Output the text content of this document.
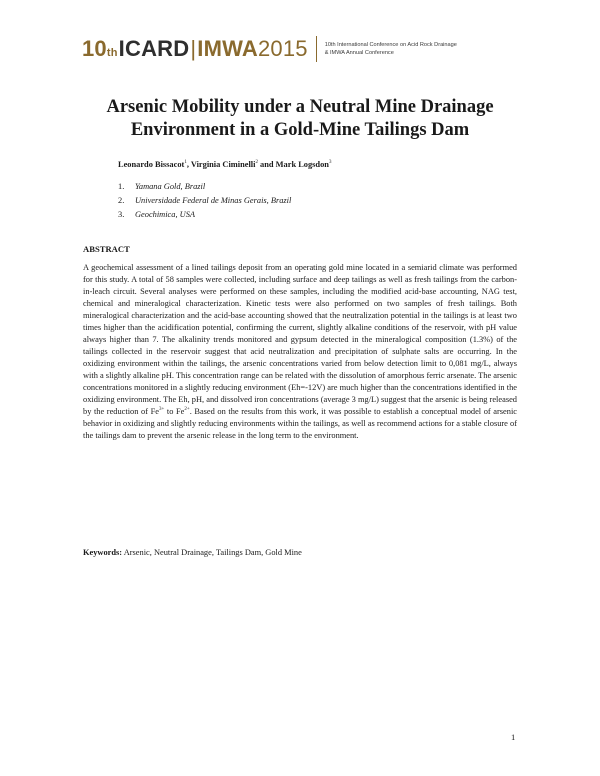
10 th ICARD | IMWA 2015	10th International Conference on Acid Rock Drainage
& IMWA Annual Conference
Arsenic Mobility under a Neutral Mine Drainage
Environment in a Gold-Mine Tailings Dam
Leonardo Bissacot$^1$, Virginia Ciminelli$^2$ and Mark Logsdon$^3$
1.	Yamana Gold, Brazil
2.	Universidade Federal de Minas Gerais, Brazil
3.	Geochimica, USA
ABSTRACT

A geochemical assessment of a lined tailings deposit from an operating gold mine located in a semiarid climate was performed for this study. A total of 58 samples were collected, including surface and deep tailings as well as fresh tailings from the carbon-in-leach circuit. Several analyses were performed on these samples, including the modified acid-base accounting, NAG test, chemical and mineralogical characterization. Kinetic tests were also performed on two samples of fresh tailings. Both mineralogical characterization and the acid-base accounting showed that the neutralization potential in the tailings is at least two times higher than the acidification potential, confirming the current, slightly alkaline conditions of the reservoir, with pH value always higher than 7. The alkalinity trends monitored and gypsum detected in the mineralogical composition (1.3%) of the tailings collected in the reservoir suggest that acid neutralization and precipitation of sulphate salts are occurring. In the oxidizing environment within the tailings, the arsenic concentrations varied from below detection limit to 0,081 mg/L, always with a slightly alkaline pH. This concentration range can be related with the dissolution of amorphous ferric arsenate. The arsenic concentrations monitored in a slightly reducing environment (Eh=-12V) are much higher than the concentrations identified in the oxidizing environment. The Eh, pH, and dissolved iron concentrations (average 3 mg/L) suggest that the arsenic is being released by the reduction of $Fe^{3+}$ to $Fe^{2+}$. Based on the results from this work, it was possible to establish a conceptual model of arsenic behavior in oxidizing and slightly reducing environments within the tailings, as well as recommend actions for a stable closure of the tailings dam to prevent the arsenic release in the long term to the environment.

Keywords: Arsenic, Neutral Drainage, Tailings Dam, Gold Mine
1
